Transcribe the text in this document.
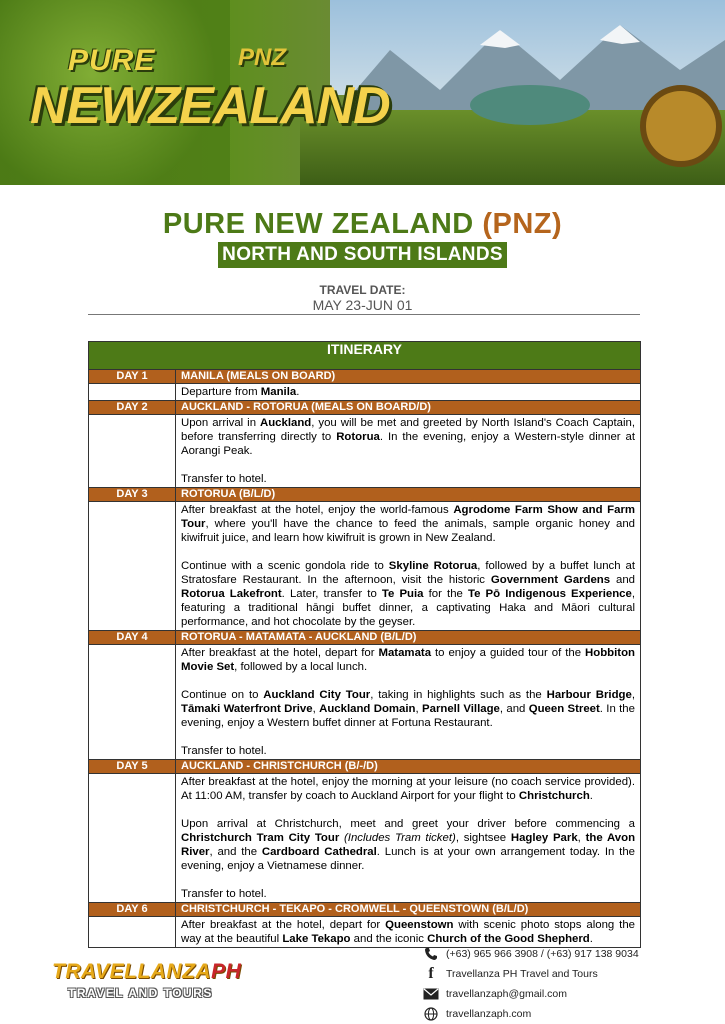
PURE	PNZ
NEWZEALAND
PURE NEW ZEALAND (PNZ)
NORTH AND SOUTH ISLANDS
TRAVEL DATE:
MAY 23-JUN 01
ITINERARY	
DAY 1	MANILA (MEALS ON BOARD)

	Departure from Manila.

DAY 2	AUCKLAND - ROTORUA (MEALS ON BOARD/D)

	Upon arrival in Auckland, you will be met and greeted by North Island's Coach Captain, before transferring directly to Rotorua. In the evening, enjoy a Western-style dinner at Aorangi Peak.

Transfer to hotel.

DAY 3	ROTORUA (B/L/D)

	After breakfast at the hotel, enjoy the world-famous Agrodome Farm Show and Farm Tour, where you'll have the chance to feed the animals, sample organic honey and kiwifruit juice, and learn how kiwifruit is grown in New Zealand.

Continue with a scenic gondola ride to Skyline Rotorua, followed by a buffet lunch at Stratosfare Restaurant. In the afternoon, visit the historic Government Gardens and Rotorua Lakefront. Later, transfer to Te Puia for the Te Pō Indigenous Experience, featuring a traditional hāngi buffet dinner, a captivating Haka and Māori cultural performance, and hot chocolate by the geyser.

DAY 4	ROTORUA - MATAMATA - AUCKLAND (B/L/D)

	After breakfast at the hotel, depart for Matamata to enjoy a guided tour of the Hobbiton Movie Set, followed by a local lunch.

Continue on to Auckland City Tour, taking in highlights such as the Harbour Bridge, Tāmaki Waterfront Drive, Auckland Domain, Parnell Village, and Queen Street. In the evening, enjoy a Western buffet dinner at Fortuna Restaurant.

Transfer to hotel.

DAY 5	AUCKLAND - CHRISTCHURCH (B/-/D)

	After breakfast at the hotel, enjoy the morning at your leisure (no coach service provided). At 11:00 AM, transfer by coach to Auckland Airport for your flight to Christchurch.

Upon arrival at Christchurch, meet and greet your driver before commencing a Christchurch Tram City Tour (Includes Tram ticket), sightsee Hagley Park, the Avon River, and the Cardboard Cathedral. Lunch is at your own arrangement today. In the evening, enjoy a Vietnamese dinner.

Transfer to hotel.

DAY 6	CHRISTCHURCH - TEKAPO - CROMWELL - QUEENSTOWN (B/L/D)

	After breakfast at the hotel, depart for Queenstown with scenic photo stops along the way at the beautiful Lake Tekapo and the iconic Church of the Good Shepherd.

TRAVELLANZAPH
TRAVEL AND TOURS
(+63) 965 966 3908 / (+63) 917 138 9034
f	Travellanza PH Travel and Tours
travellanzaph@gmail.com
travellanzaph.com
